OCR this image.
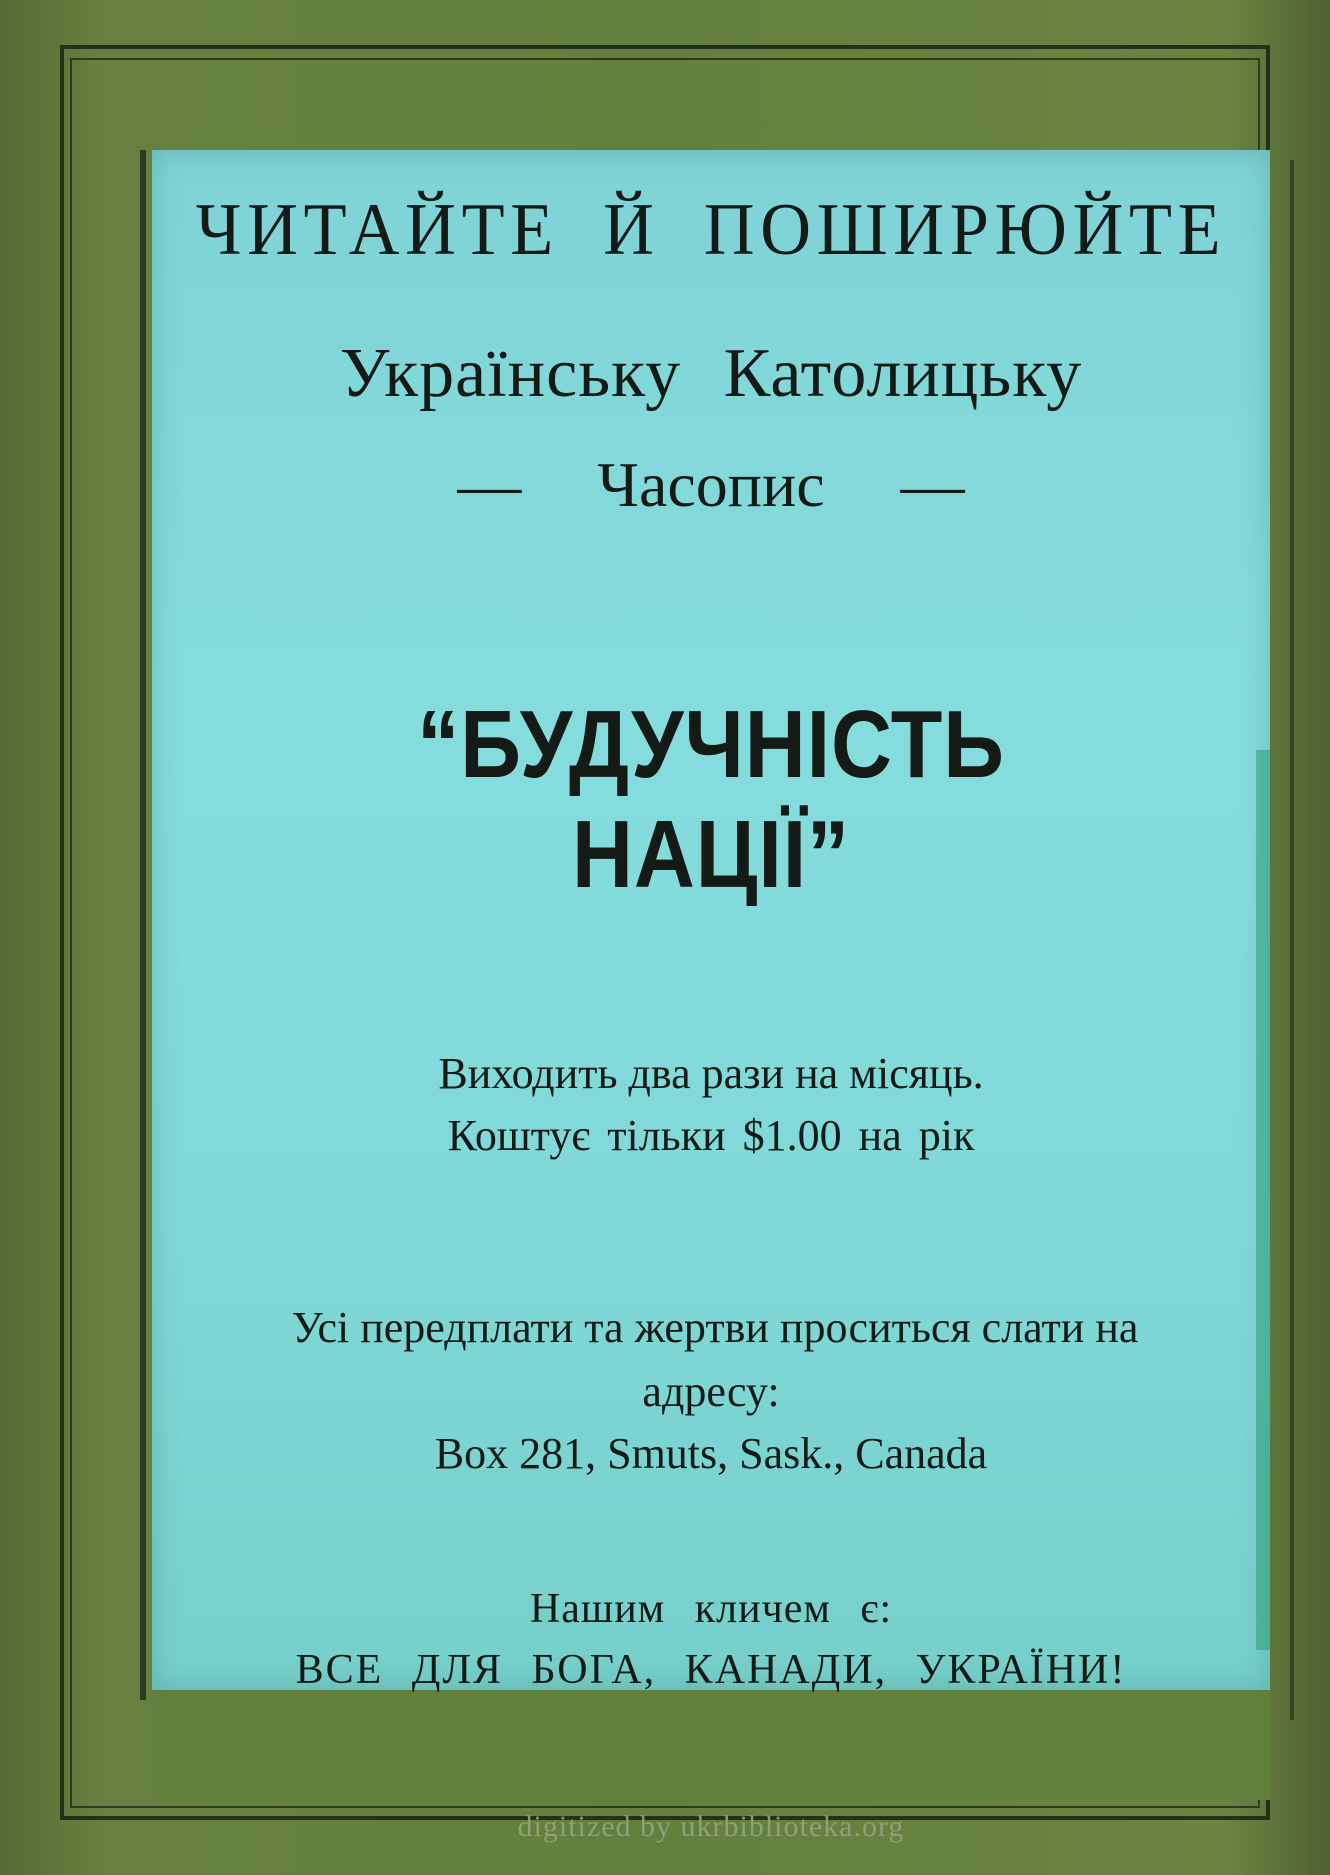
ЧИТАЙТЕ Й ПОШИРЮЙТЕ
Українську Католицьку
— Часопис —
“БУДУЧНІСТЬ
НАЦІЇ”
Виходить два рази на місяць.
Коштує тільки $1.00 на рік
Усі передплати та жертви проситься слати на
адресу:
Box 281, Smuts, Sask., Canada
Нашим кличем є:
ВСЕ ДЛЯ БОГА, КАНАДИ, УКРАЇНИ!
digitized by ukrbiblioteka.org
